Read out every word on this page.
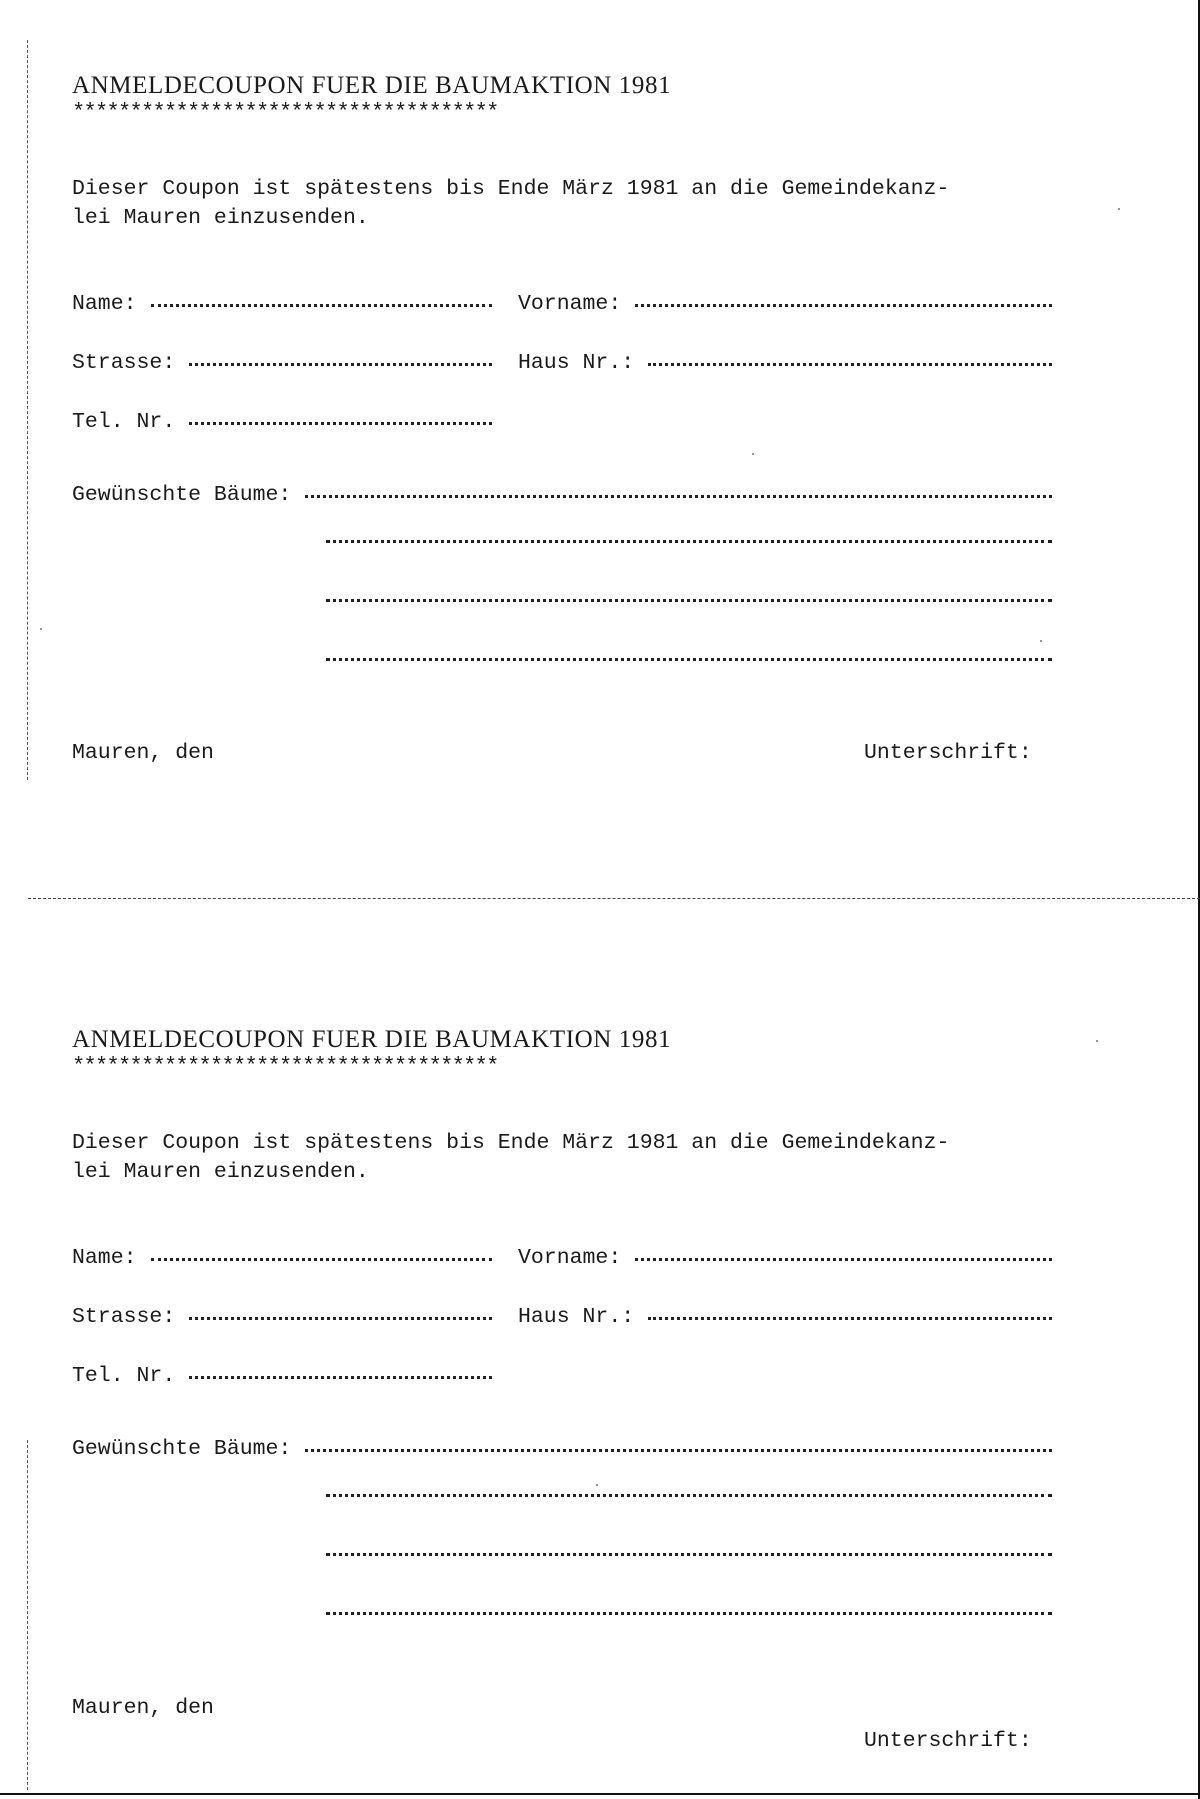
ANMELDECOUPON FUER DIE BAUMAKTION 1981
*************************************
Dieser Coupon ist spätestens bis Ende März 1981 an die Gemeindekanz-
lei Mauren einzusenden.
Name:	Vorname:
Strasse:	Haus Nr.:
Tel. Nr.
Gewünschte Bäume:
Mauren, den	Unterschrift:
ANMELDECOUPON FUER DIE BAUMAKTION 1981
*************************************
Dieser Coupon ist spätestens bis Ende März 1981 an die Gemeindekanz-
lei Mauren einzusenden.
Name:	Vorname:
Strasse:	Haus Nr.:
Tel. Nr.
Gewünschte Bäume:
Mauren, den
Unterschrift:
